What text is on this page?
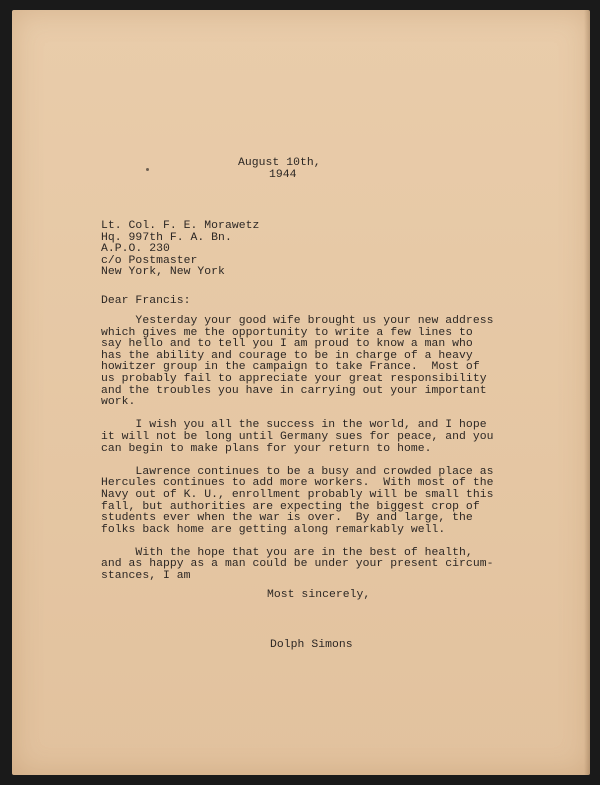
August 10th,
1944
Lt. Col. F. E. Morawetz
Hq. 997th F. A. Bn.
A.P.O. 230
c/o Postmaster
New York, New York
Dear Francis:
Yesterday your good wife brought us your new address
which gives me the opportunity to write a few lines to
say hello and to tell you I am proud to know a man who
has the ability and courage to be in charge of a heavy
howitzer group in the campaign to take France.  Most of
us probably fail to appreciate your great responsibility
and the troubles you have in carrying out your important
work.
I wish you all the success in the world, and I hope
it will not be long until Germany sues for peace, and you
can begin to make plans for your return to home.
Lawrence continues to be a busy and crowded place as
Hercules continues to add more workers.  With most of the
Navy out of K. U., enrollment probably will be small this
fall, but authorities are expecting the biggest crop of
students ever when the war is over.  By and large, the
folks back home are getting along remarkably well.
With the hope that you are in the best of health,
and as happy as a man could be under your present circum-
stances, I am
Most sincerely,
Dolph Simons
